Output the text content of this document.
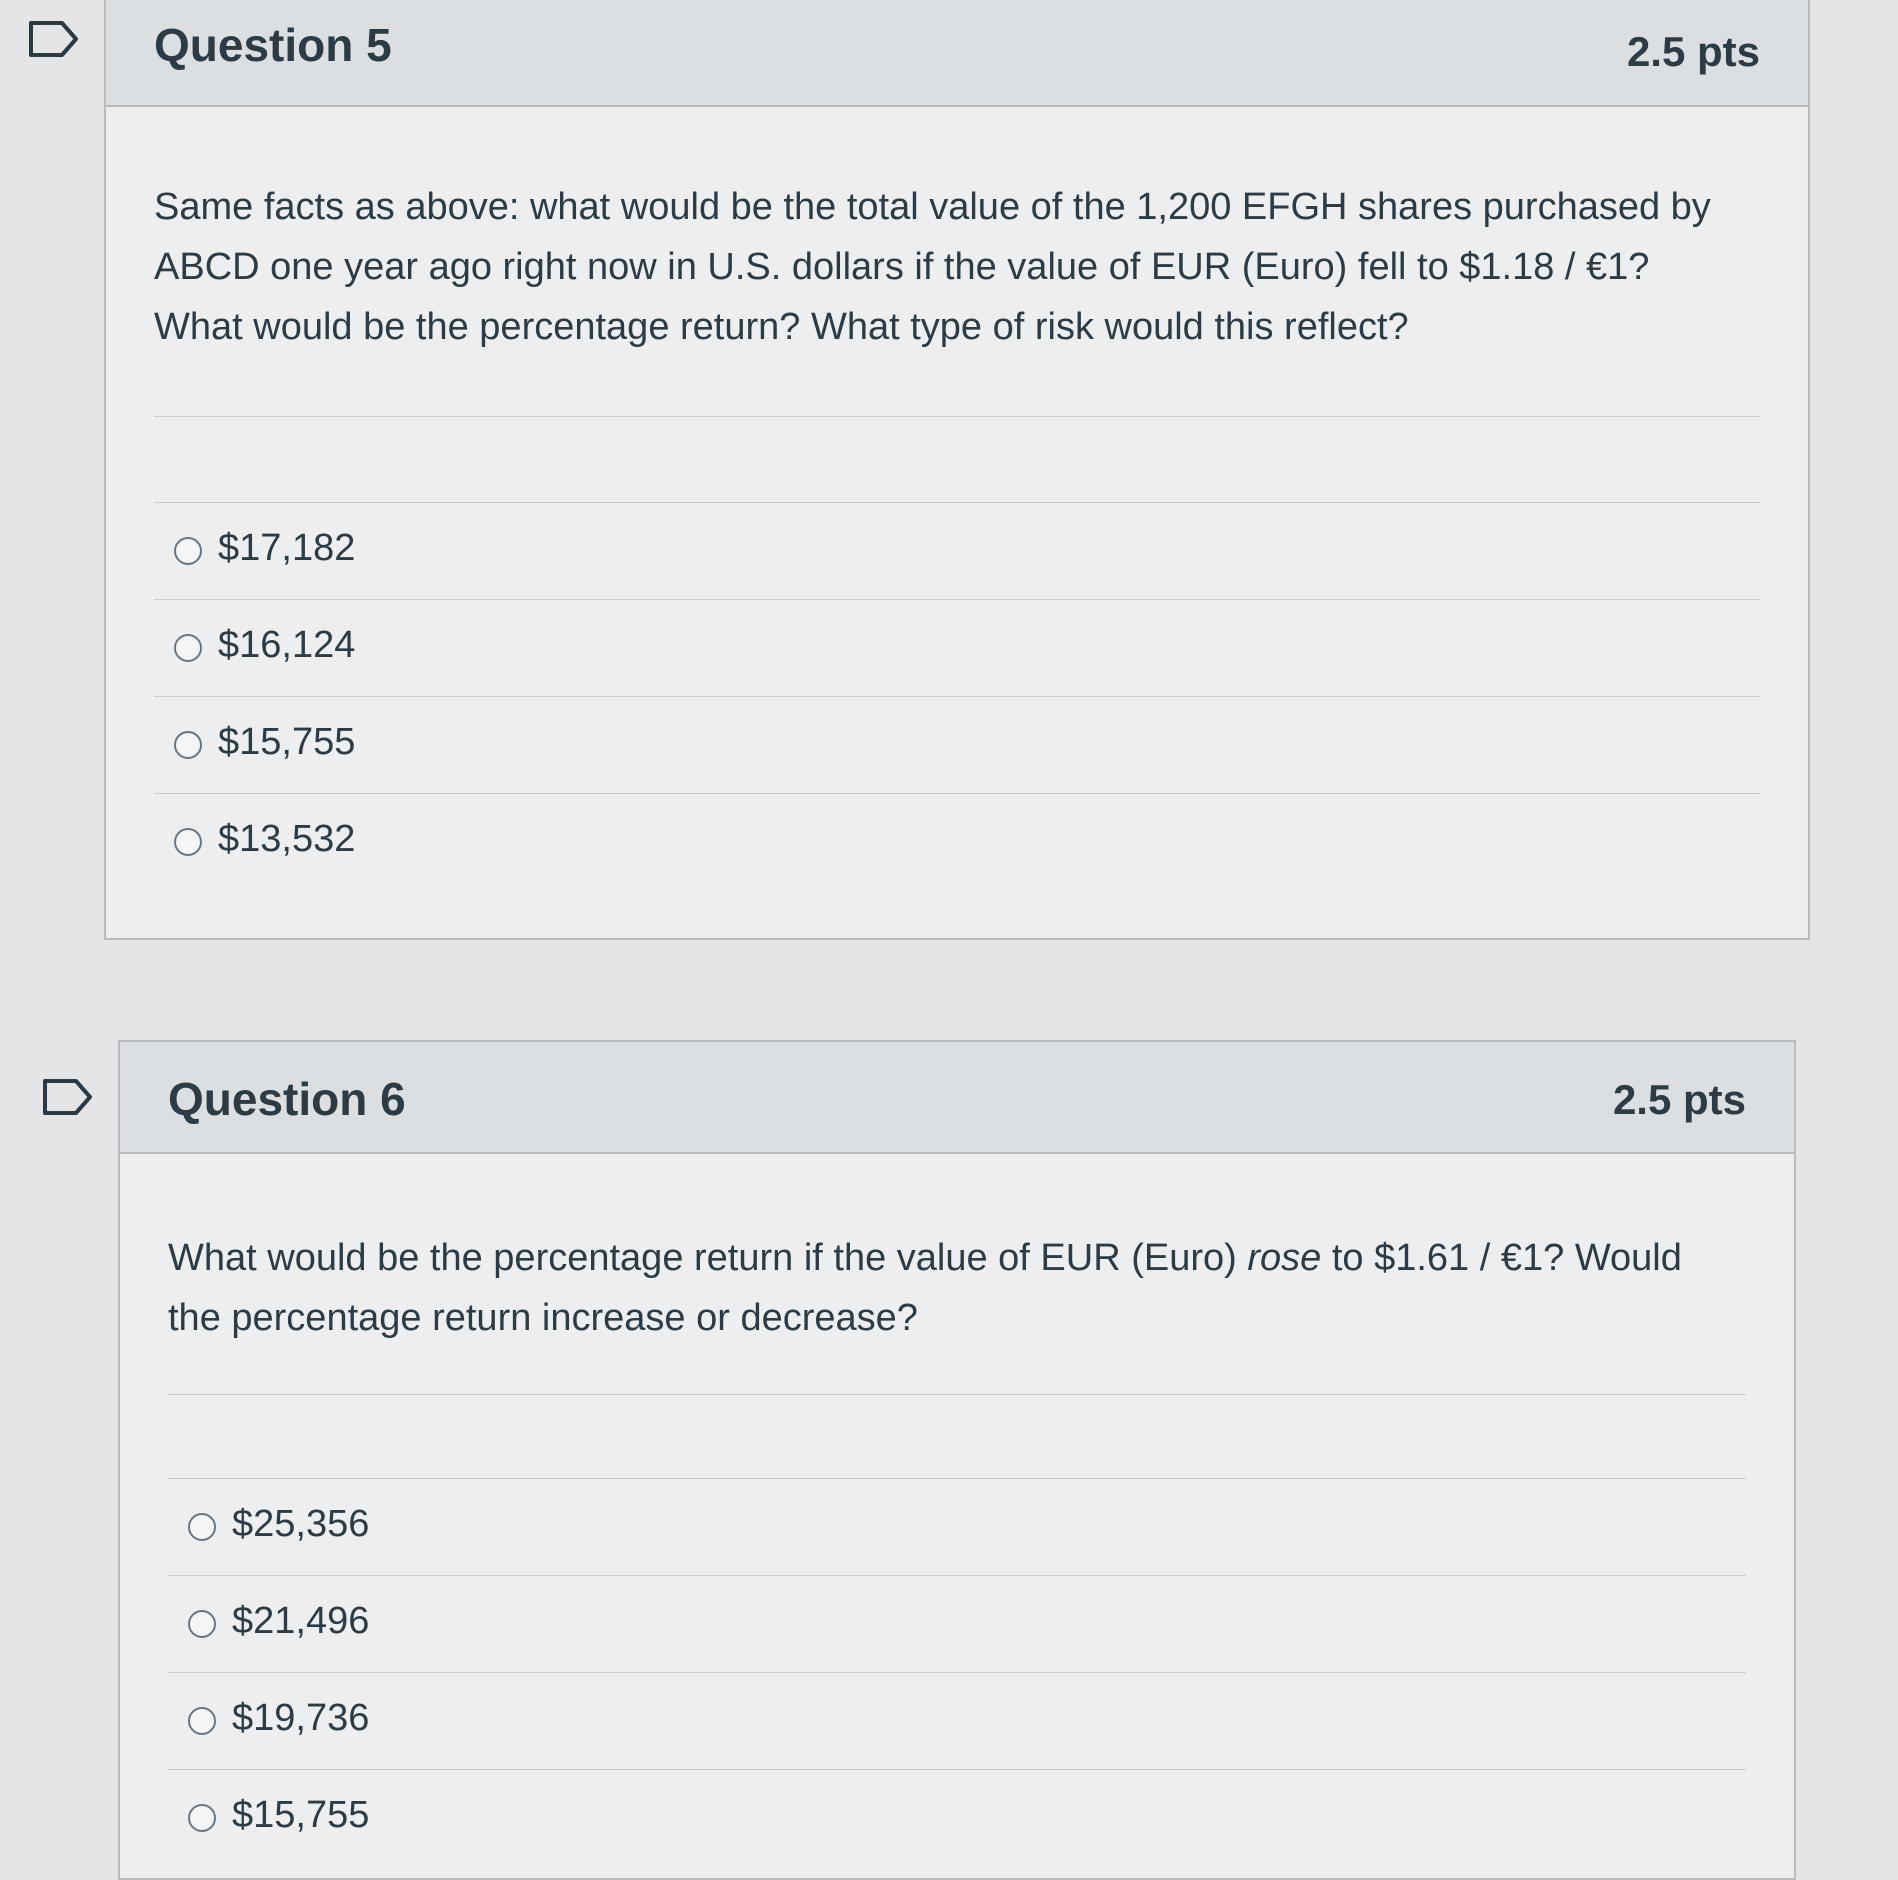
Question 5	2.5 pts
Same facts as above: what would be the total value of the 1,200 EFGH shares purchased by
ABCD one year ago right now in U.S. dollars if the value of EUR (Euro) fell to $1.18 / €1?
What would be the percentage return? What type of risk would this reflect?
$17,182
$16,124
$15,755
$13,532
Question 6	2.5 pts
What would be the percentage return if the value of EUR (Euro) rose to $1.61 / €1? Would
the percentage return increase or decrease?
$25,356
$21,496
$19,736
$15,755
